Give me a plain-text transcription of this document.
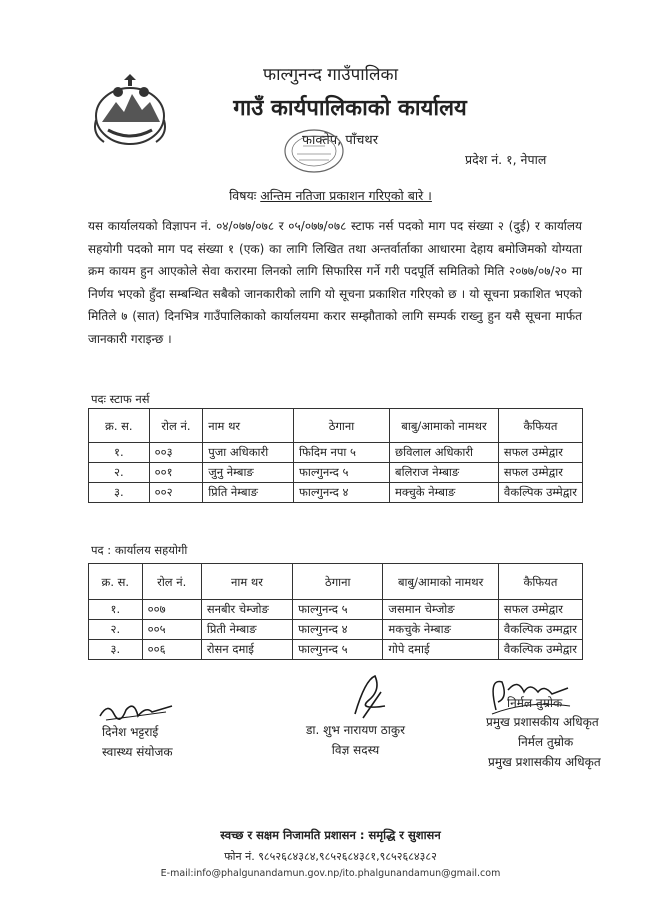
फाल्गुनन्द गाउँपालिका
गाउँ कार्यपालिकाको कार्यालय
फाक्तेप, पाँचथर
प्रदेश नं. १, नेपाल
विषयः अन्तिम नतिजा प्रकाशन गरिएको बारे ।
यस कार्यालयको विज्ञापन नं. ०४/०७७/०७८ र ०५/०७७/०७८ स्टाफ नर्स पदको माग पद संख्या २ (दुई) र कार्यालय सहयोगी पदको माग पद संख्या १ (एक) का लागि लिखित तथा अन्तर्वार्ताका आधारमा देहाय बमोजिमको योग्यता क्रम कायम हुन आएकोले सेवा करारमा लिनको लागि सिफारिस गर्ने गरी पदपूर्ति समितिको मिति २०७७/०७/२० मा निर्णय भएको हुँदा सम्बन्धित सबैको जानकारीको लागि यो सूचना प्रकाशित गरिएको छ । यो सूचना प्रकाशित भएको मितिले ७ (सात) दिनभित्र गाउँपालिकाको कार्यालयमा करार सम्झौताको लागि सम्पर्क राख्नु हुन यसै सूचना मार्फत जानकारी गराइन्छ ।
पदः स्टाफ नर्स
क्र. स.	रोल नं.	नाम थर	ठेगाना	बाबु/आमाको नामथर	कैफियत
१.	००३	पुजा अधिकारी	फिदिम नपा ५	छविलाल अधिकारी	सफल उम्मेद्वार
२.	००१	जुनु नेम्बाङ	फाल्गुनन्द ५	बलिराज नेम्बाङ	सफल उम्मेद्वार
३.	००२	प्रिति नेम्बाङ	फाल्गुनन्द ४	मक्चुके नेम्बाङ	वैकल्पिक उम्मेद्वार
पद : कार्यालय सहयोगी
क्र. स.	रोल नं.	नाम थर	ठेगाना	बाबु/आमाको नामथर	कैफियत
१.	००७	सनबीर चेम्जोङ	फाल्गुनन्द ५	जसमान चेम्जोङ	सफल उम्मेद्वार
२.	००५	प्रिती नेम्बाङ	फाल्गुनन्द ४	मकचुके नेम्बाङ	वैकल्पिक उम्मद्वार
३.	००६	रोसन दमाई	फाल्गुनन्द ५	गोपे दमाई	वैकल्पिक उम्मेद्वार
दिनेश भट्टराई
स्वास्थ्य संयोजक
डा. शुभ नारायण ठाकुर
विज्ञ सदस्य
निर्मल तुम्रोक
प्रमुख प्रशासकीय अधिकृत
निर्मल तुम्रोक
प्रमुख प्रशासकीय अधिकृत
स्वच्छ र सक्षम निजामति प्रशासन : समृद्धि र सुशासन
फोन नं. ९८५२६८४३८४,९८५२६८४३८१,९८५२६८४३८२
E-mail:info@phalgunandamun.gov.np/ito.phalgunandamun@gmail.com
